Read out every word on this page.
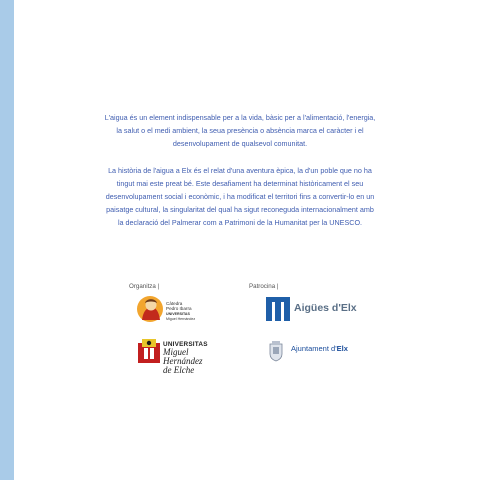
L'aigua és un element indispensable per a la vida, bàsic per a l'alimentació, l'energia, la salut o el medi ambient, la seua presència o absència marca el caràcter i el desenvolupament de qualsevol comunitat.

La història de l'aigua a Elx és el relat d'una aventura èpica, la d'un poble que no ha tingut mai este preat bé. Este desafiament ha determinat històricament el seu desenvolupament social i econòmic, i ha modificat el territori fins a convertir-lo en un paisatge cultural, la singularitat del qual ha sigut reconeguda internacionalment amb la declaració del Palmerar com a Patrimoni de la Humanitat per la UNESCO.

Organitza |	Patrocina |
Càtedra
Pedro Ibarra
UNIVERSITAS
Miguel Hernández
UNIVERSITAS
Miguel Hernández
de Elche
Aigües d'Elx
Ajuntament d'Elx
